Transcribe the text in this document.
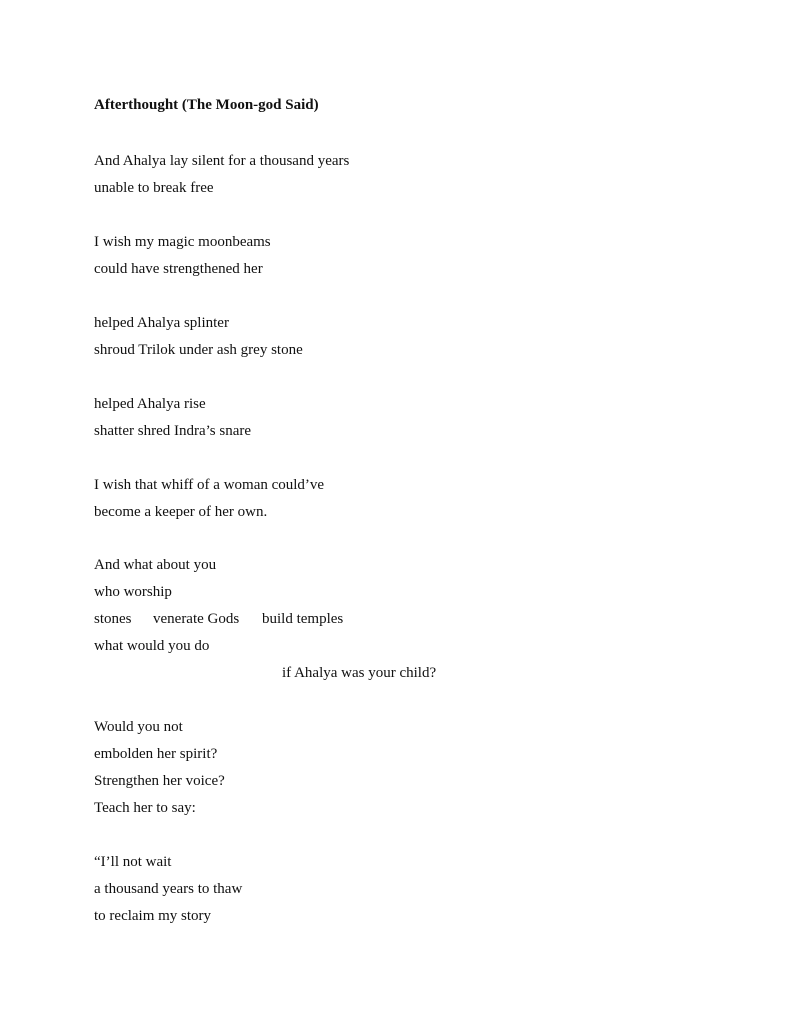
Afterthought (The Moon-god Said)
And Ahalya lay silent for a thousand years
unable to break free
I wish my magic moonbeams
could have strengthened her
helped Ahalya splinter
shroud Trilok under ash grey stone
helped Ahalya rise
shatter shred Indra’s snare
I wish that whiff of a woman could’ve
become a keeper of her own.
And what about you
who worship
stones venerate Gods build temples
what would you do
if Ahalya was your child?
Would you not
embolden her spirit?
Strengthen her voice?
Teach her to say:
“I’ll not wait
a thousand years to thaw
to reclaim my story
